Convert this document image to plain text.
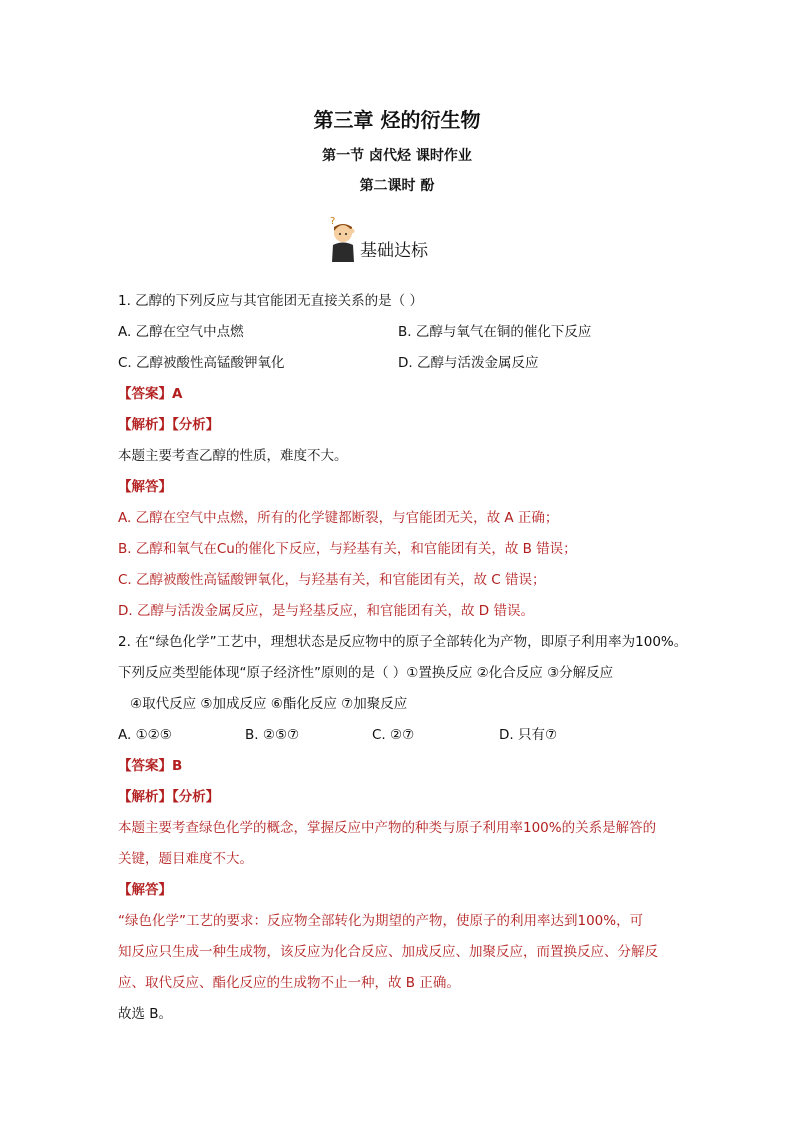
第三章 烃的衍生物
第一节 卤代烃 课时作业
第二课时 酚
?
基础达标
1. 乙醇的下列反应与其官能团无直接关系的是（ ）
A. 乙醇在空气中点燃	B. 乙醇与氧气在铜的催化下反应
C. 乙醇被酸性高锰酸钾氧化	D. 乙醇与活泼金属反应
【答案】A
【解析】【分析】
本题主要考查乙醇的性质，难度不大。
【解答】
A. 乙醇在空气中点燃，所有的化学键都断裂，与官能团无关，故 A 正确；
B. 乙醇和氧气在Cu的催化下反应，与羟基有关，和官能团有关，故 B 错误；
C. 乙醇被酸性高锰酸钾氧化，与羟基有关，和官能团有关，故 C 错误；
D. 乙醇与活泼金属反应，是与羟基反应，和官能团有关，故 D 错误。
2. 在“绿色化学”工艺中，理想状态是反应物中的原子全部转化为产物，即原子利用率为100%。
下列反应类型能体现“原子经济性”原则的是（ ）①置换反应 ②化合反应 ③分解反应
④取代反应 ⑤加成反应 ⑥酯化反应 ⑦加聚反应
A. ①②⑤	B. ②⑤⑦	C. ②⑦	D. 只有⑦
【答案】B
【解析】【分析】
本题主要考查绿色化学的概念，掌握反应中产物的种类与原子利用率100%的关系是解答的
关键，题目难度不大。
【解答】
“绿色化学”工艺的要求：反应物全部转化为期望的产物，使原子的利用率达到100%，可
知反应只生成一种生成物，该反应为化合反应、加成反应、加聚反应，而置换反应、分解反
应、取代反应、酯化反应的生成物不止一种，故 B 正确。
故选 B。
